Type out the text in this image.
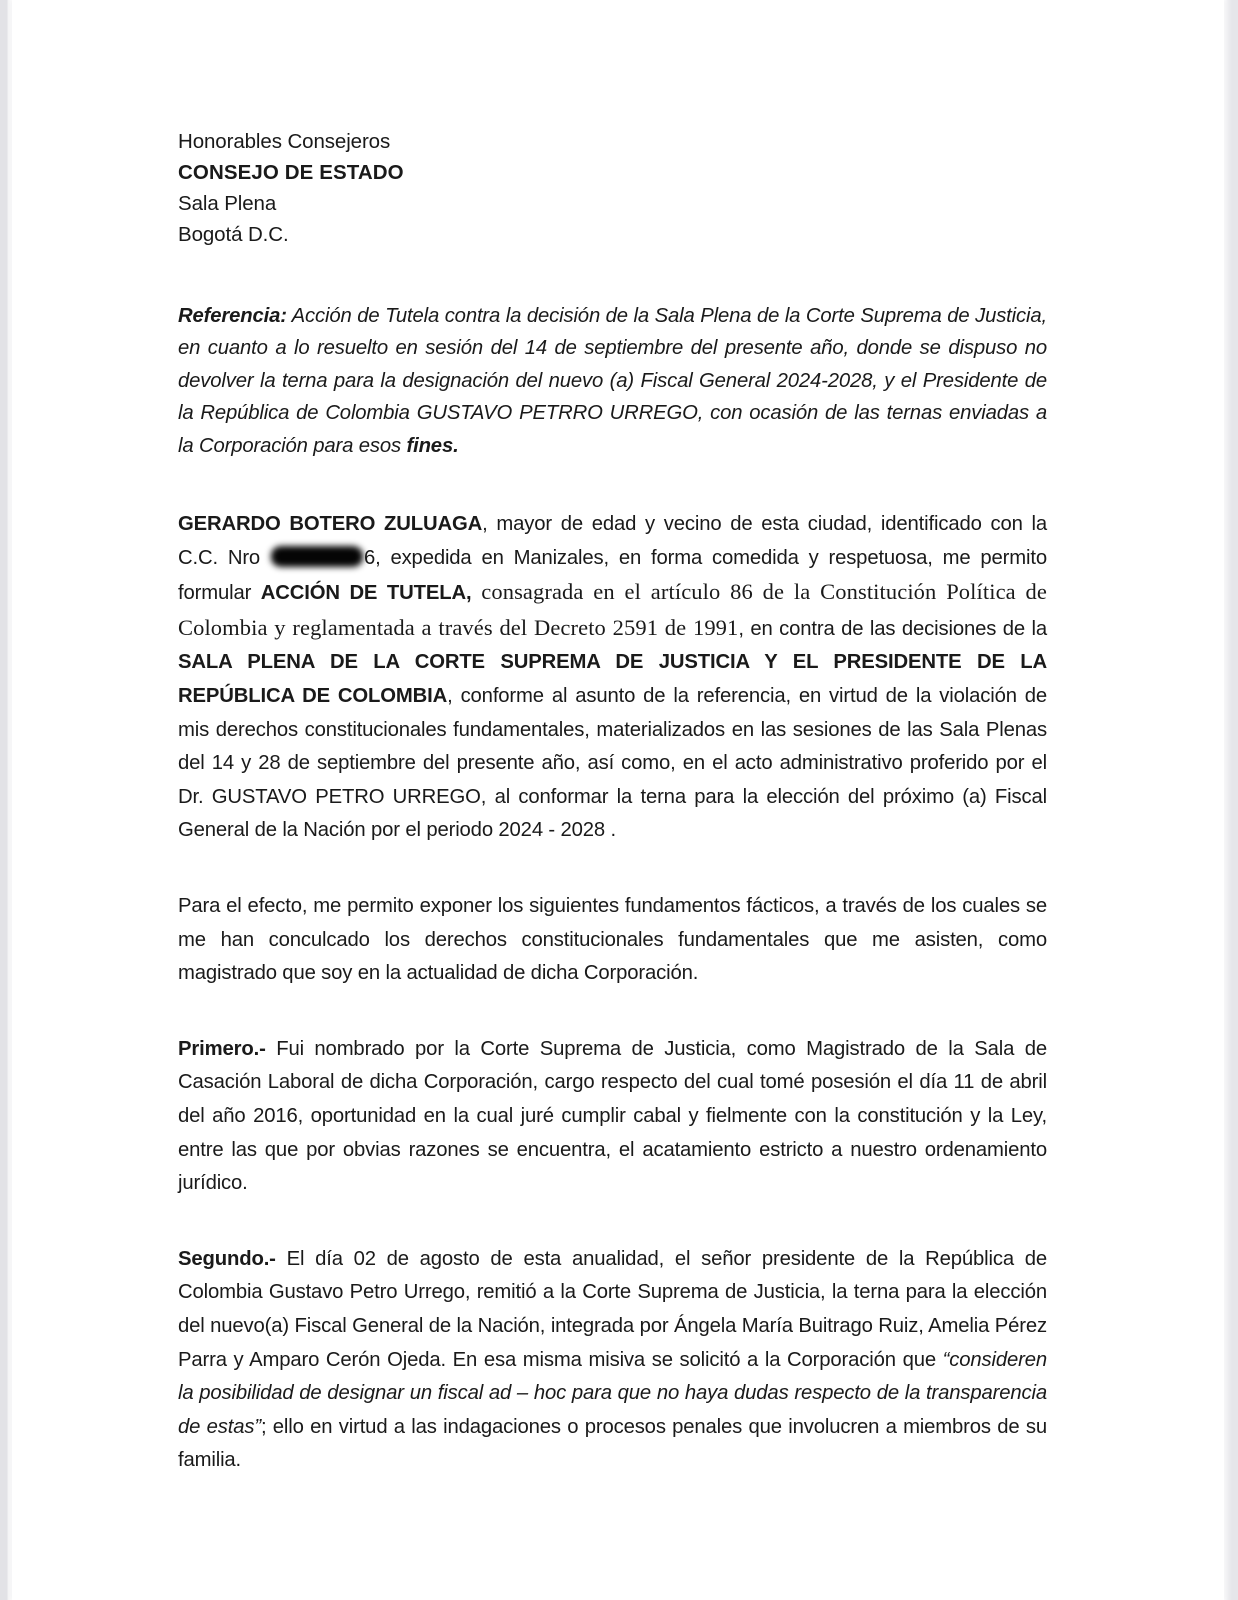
Honorables Consejeros
CONSEJO DE ESTADO
Sala Plena
Bogotá D.C.

Referencia: Acción de Tutela contra la decisión de la Sala Plena de la Corte Suprema de Justicia, en cuanto a lo resuelto en sesión del 14 de septiembre del presente año, donde se dispuso no devolver la terna para la designación del nuevo (a) Fiscal General 2024-2028, y el Presidente de la República de Colombia GUSTAVO PETRRO URREGO, con ocasión de las ternas enviadas a la Corporación para esos fines.

GERARDO BOTERO ZULUAGA, mayor de edad y vecino de esta ciudad, identificado con la C.C. Nro	6, expedida en Manizales, en forma comedida y respetuosa, me permito formular ACCIÓN DE TUTELA, consagrada en el artículo 86 de la Constitución Política de Colombia y reglamentada a través del Decreto 2591 de 1991, en contra de las decisiones de la SALA PLENA DE LA CORTE SUPREMA DE JUSTICIA Y EL PRESIDENTE DE LA REPÚBLICA DE COLOMBIA, conforme al asunto de la referencia, en virtud de la violación de mis derechos constitucionales fundamentales, materializados en las sesiones de las Sala Plenas del 14 y 28 de septiembre del presente año, así como, en el acto administrativo proferido por el Dr. GUSTAVO PETRO URREGO, al conformar la terna para la elección del próximo (a) Fiscal General de la Nación por el periodo 2024 - 2028 .

Para el efecto, me permito exponer los siguientes fundamentos fácticos, a través de los cuales se me han conculcado los derechos constitucionales fundamentales que me asisten, como magistrado que soy en la actualidad de dicha Corporación.

Primero.- Fui nombrado por la Corte Suprema de Justicia, como Magistrado de la Sala de Casación Laboral de dicha Corporación, cargo respecto del cual tomé posesión el día 11 de abril del año 2016, oportunidad en la cual juré cumplir cabal y fielmente con la constitución y la Ley, entre las que por obvias razones se encuentra, el acatamiento estricto a nuestro ordenamiento jurídico.

Segundo.- El día 02 de agosto de esta anualidad, el señor presidente de la República de Colombia Gustavo Petro Urrego, remitió a la Corte Suprema de Justicia, la terna para la elección del nuevo(a) Fiscal General de la Nación, integrada por Ángela María Buitrago Ruiz, Amelia Pérez Parra y Amparo Cerón Ojeda. En esa misma misiva se solicitó a la Corporación que “consideren la posibilidad de designar un fiscal ad – hoc para que no haya dudas respecto de la transparencia de estas”; ello en virtud a las indagaciones o procesos penales que involucren a miembros de su familia.
